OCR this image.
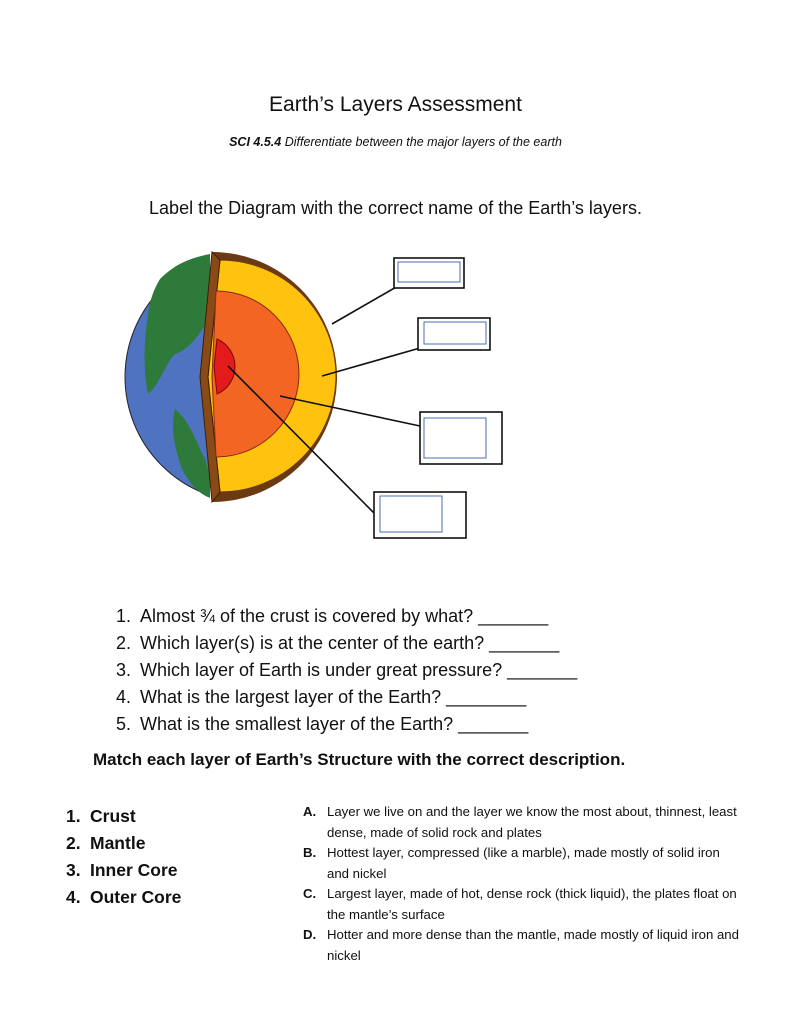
Earth’s Layers Assessment
SCI 4.5.4 Differentiate between the major layers of the earth
Label the Diagram with the correct name of the Earth’s layers.
1. Almost ¾ of the crust is covered by what? _______
2. Which layer(s) is at the center of the earth? _______
3. Which layer of Earth is under great pressure? _______
4. What is the largest layer of the Earth? ________
5. What is the smallest layer of the Earth? _______
Match each layer of Earth’s Structure with the correct description.
1. Crust
2. Mantle
3. Inner Core
4. Outer Core
A. Layer we live on and the layer we know the most about, thinnest, least dense, made of solid rock and plates
B. Hottest layer, compressed (like a marble), made mostly of solid iron and nickel
C. Largest layer, made of hot, dense rock (thick liquid), the plates float on the mantle’s surface
D. Hotter and more dense than the mantle, made mostly of liquid iron and nickel
